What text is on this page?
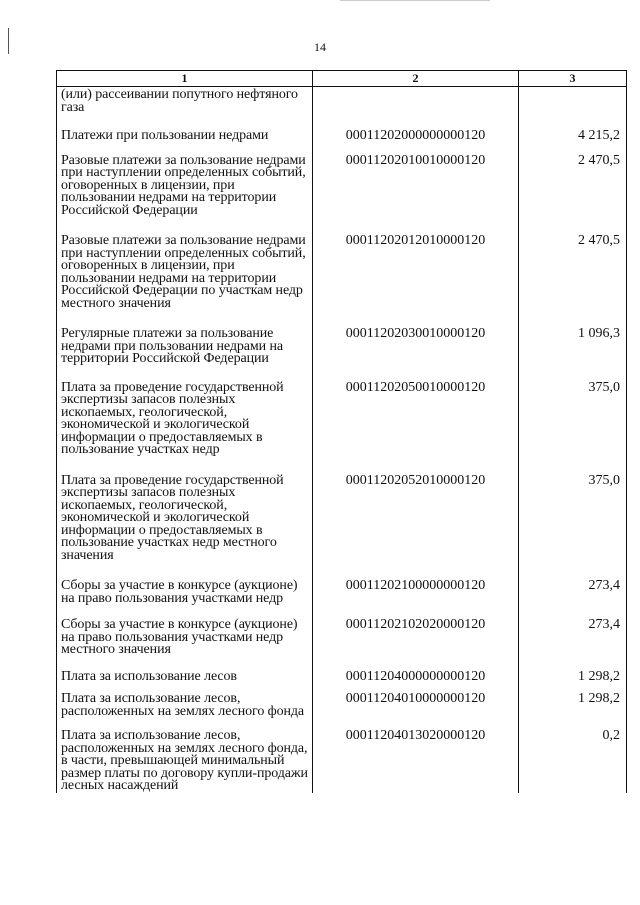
14
1	2	3
(или) рассеивании попутного нефтяного газа		
Платежи при пользовании недрами	00011202000000000120	4 215,2
Разовые платежи за пользование недрами при наступлении определенных событий, оговоренных в лицензии, при пользовании недрами на территории Российской Федерации	00011202010010000120	2 470,5
Разовые платежи за пользование недрами при наступлении определенных событий, оговоренных в лицензии, при пользовании недрами на территории Российской Федерации по участкам недр местного значения	00011202012010000120	2 470,5
Регулярные платежи за пользование недрами при пользовании недрами на территории Российской Федерации	00011202030010000120	1 096,3
Плата за проведение государственной экспертизы запасов полезных ископаемых, геологической, экономической и экологической информации о предоставляемых в пользование участках недр	00011202050010000120	375,0
Плата за проведение государственной экспертизы запасов полезных ископаемых, геологической, экономической и экологической информации о предоставляемых в пользование участках недр местного значения	00011202052010000120	375,0
Сборы за участие в конкурсе (аукционе) на право пользования участками недр	00011202100000000120	273,4
Сборы за участие в конкурсе (аукционе) на право пользования участками недр местного значения	00011202102020000120	273,4
Плата за использование лесов	00011204000000000120	1 298,2
Плата за использование лесов, расположенных на землях лесного фонда	00011204010000000120	1 298,2
Плата за использование лесов, расположенных на землях лесного фонда, в части, превышающей минимальный размер платы по договору купли-продажи лесных насаждений	00011204013020000120	0,2
